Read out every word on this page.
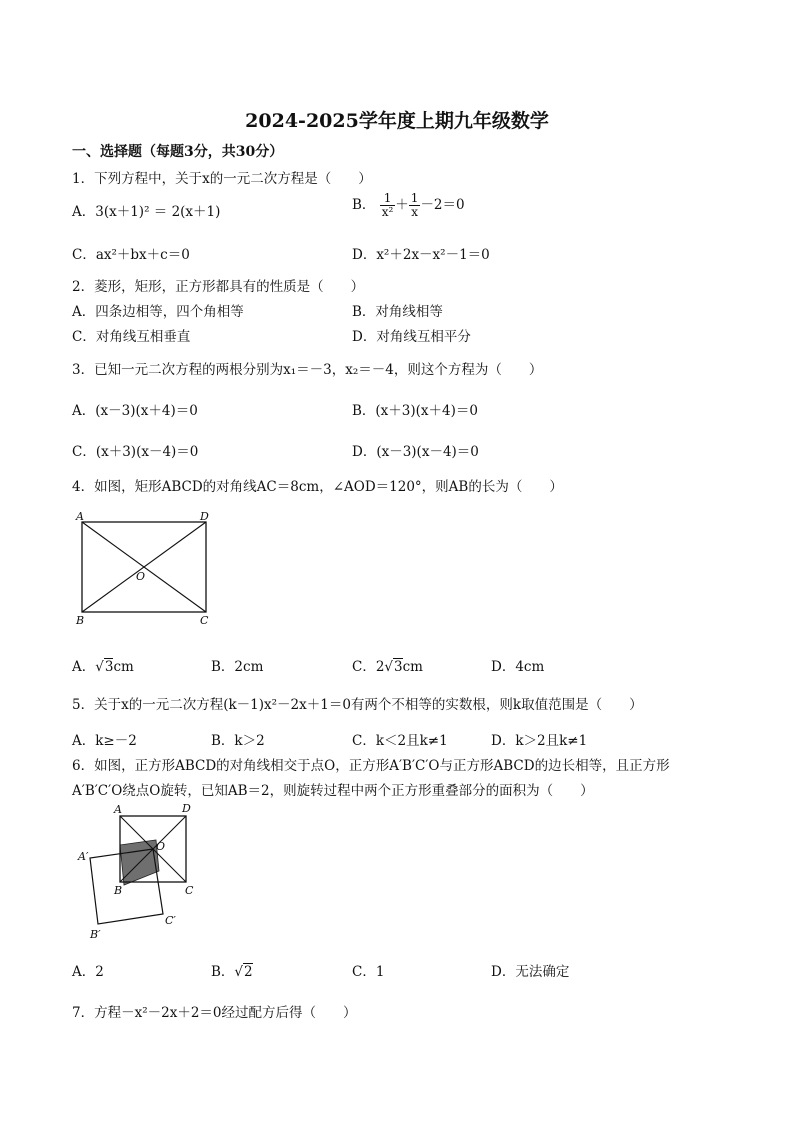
2024-2025学年度上期九年级数学
一、选择题（每题3分，共30分）
1．下列方程中，关于x的一元二次方程是（　　）
A．3(x＋1)² ＝ 2(x＋1)	B． $\frac{1}{\text{x²}} + \frac{1}{x} -2=0$
C．ax²＋bx＋c＝0	D．x²＋2x－x²－1＝0
2．菱形，矩形，正方形都具有的性质是（　　）
A．四条边相等，四个角相等	B．对角线相等
C．对角线互相垂直	D．对角线互相平分
3．已知一元二次方程的两根分别为x₁＝－3，x₂＝－4，则这个方程为（　　）
A．(x－3)(x＋4)＝0	B．(x＋3)(x＋4)＝0
C．(x＋3)(x－4)＝0	D．(x－3)(x－4)＝0
4．如图，矩形ABCD的对角线AC＝8cm，∠AOD＝120°，则AB的长为（　　）
A	D
O
B	C
A．√3cm	B．2cm	C．2√3cm	D．4cm
5．关于x的一元二次方程(k－1)x²－2x＋1＝0有两个不相等的实数根，则k取值范围是（　　）
A．k≥－2	B．k＞2	C．k＜2且k≠1	D．k＞2且k≠1
6．如图，正方形ABCD的对角线相交于点O，正方形A′B′C′O与正方形ABCD的边长相等，且正方形
A′B′C′O绕点O旋转，已知AB＝2，则旋转过程中两个正方形重叠部分的面积为（　　）
A	D
O
B	C
A′
B′
C′
A．2	B．√2	C．1	D．无法确定
7．方程－x²－2x＋2＝0经过配方后得（　　）
